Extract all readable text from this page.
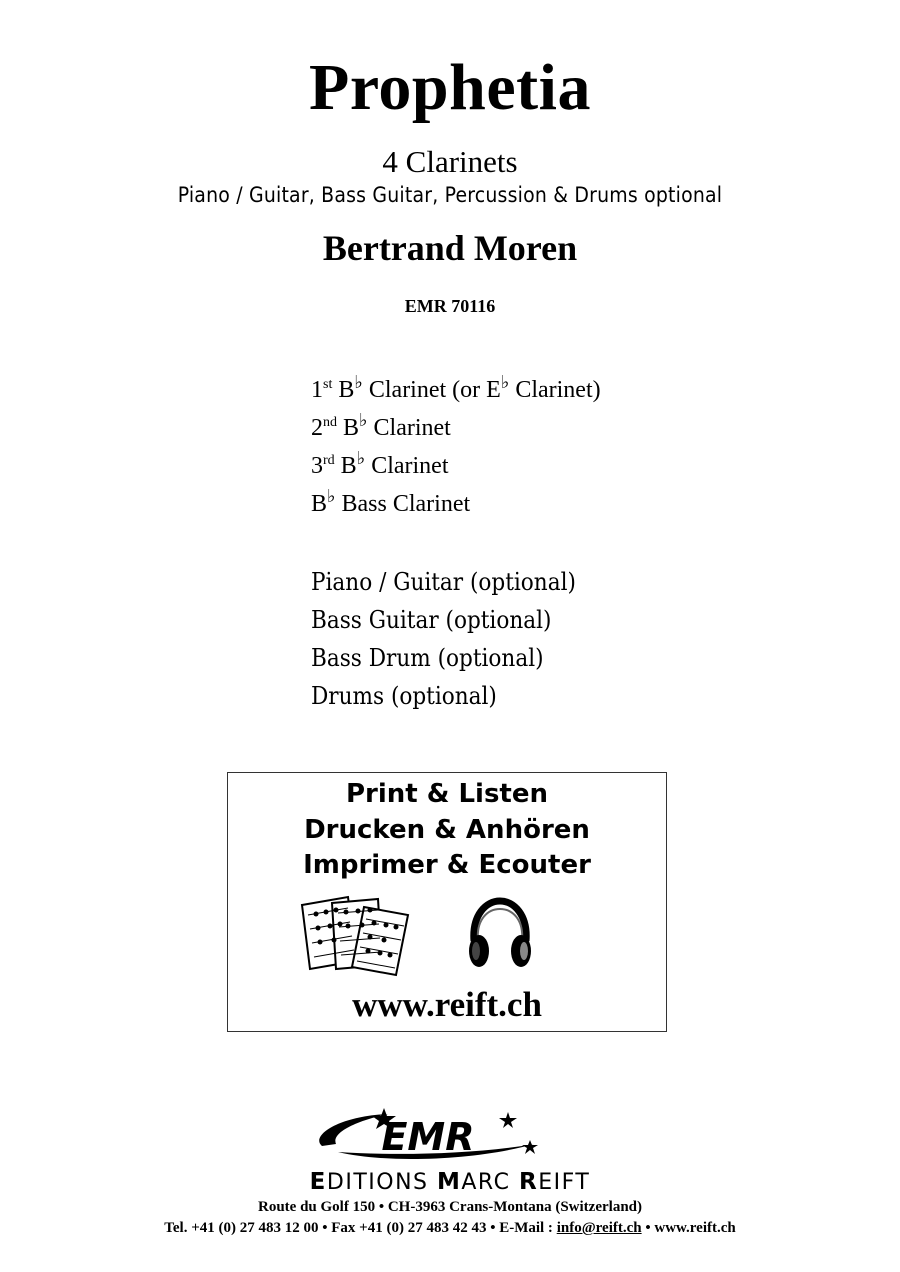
Prophetia
4 Clarinets
Piano / Guitar, Bass Guitar, Percussion & Drums optional
Bertrand Moren
EMR 70116
1st B♭ Clarinet (or E♭ Clarinet)
2nd B♭ Clarinet
3rd B♭ Clarinet
B♭ Bass Clarinet
Piano / Guitar (optional)
Bass Guitar (optional)
Bass Drum (optional)
Drums (optional)
Print & Listen
Drucken & Anhören
Imprimer & Ecouter
www.reift.ch
EMR
EDITIONS MARC REIFT
Route du Golf 150 • CH-3963 Crans-Montana (Switzerland)
Tel. +41 (0) 27 483 12 00 • Fax +41 (0) 27 483 42 43 • E-Mail : info@reift.ch • www.reift.ch
